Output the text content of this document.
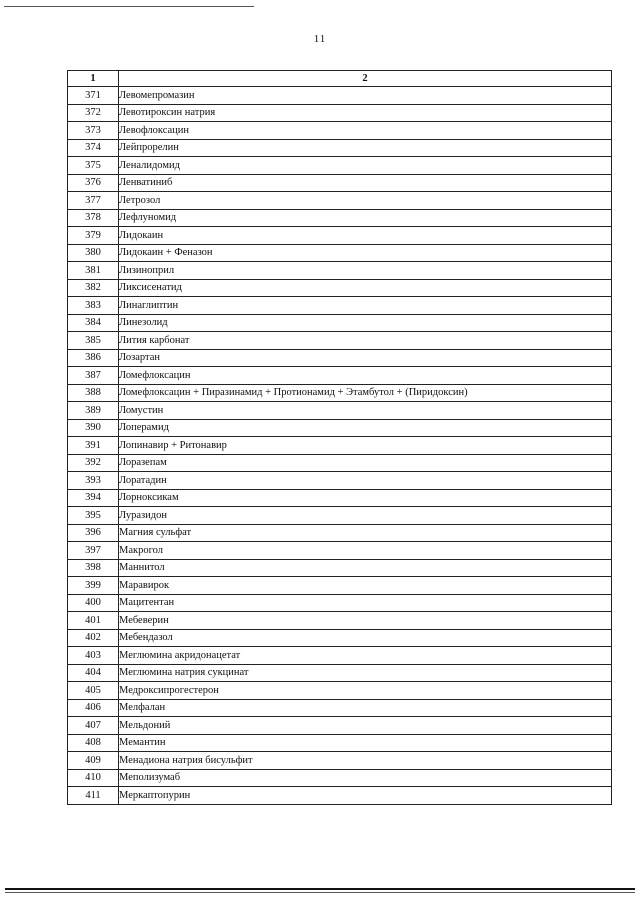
11
1	2
371	Левомепромазин
372	Левотироксин натрия
373	Левофлоксацин
374	Лейпрорелин
375	Леналидомид
376	Ленватиниб
377	Летрозол
378	Лефлуномид
379	Лидокаин
380	Лидокаин + Феназон
381	Лизиноприл
382	Ликсисенатид
383	Линаглиптин
384	Линезолид
385	Лития карбонат
386	Лозартан
387	Ломефлоксацин
388	Ломефлоксацин + Пиразинамид + Протионамид + Этамбутол + (Пиридоксин)
389	Ломустин
390	Лоперамид
391	Лопинавир + Ритонавир
392	Лоразепам
393	Лоратадин
394	Лорноксикам
395	Луразидон
396	Магния сульфат
397	Макрогол
398	Маннитол
399	Маравирок
400	Мацитентан
401	Мебеверин
402	Мебендазол
403	Меглюмина акридонацетат
404	Меглюмина натрия сукцинат
405	Медроксипрогестерон
406	Мелфалан
407	Мельдоний
408	Мемантин
409	Менадиона натрия бисульфит
410	Меполизумаб
411	Меркаптопурин
